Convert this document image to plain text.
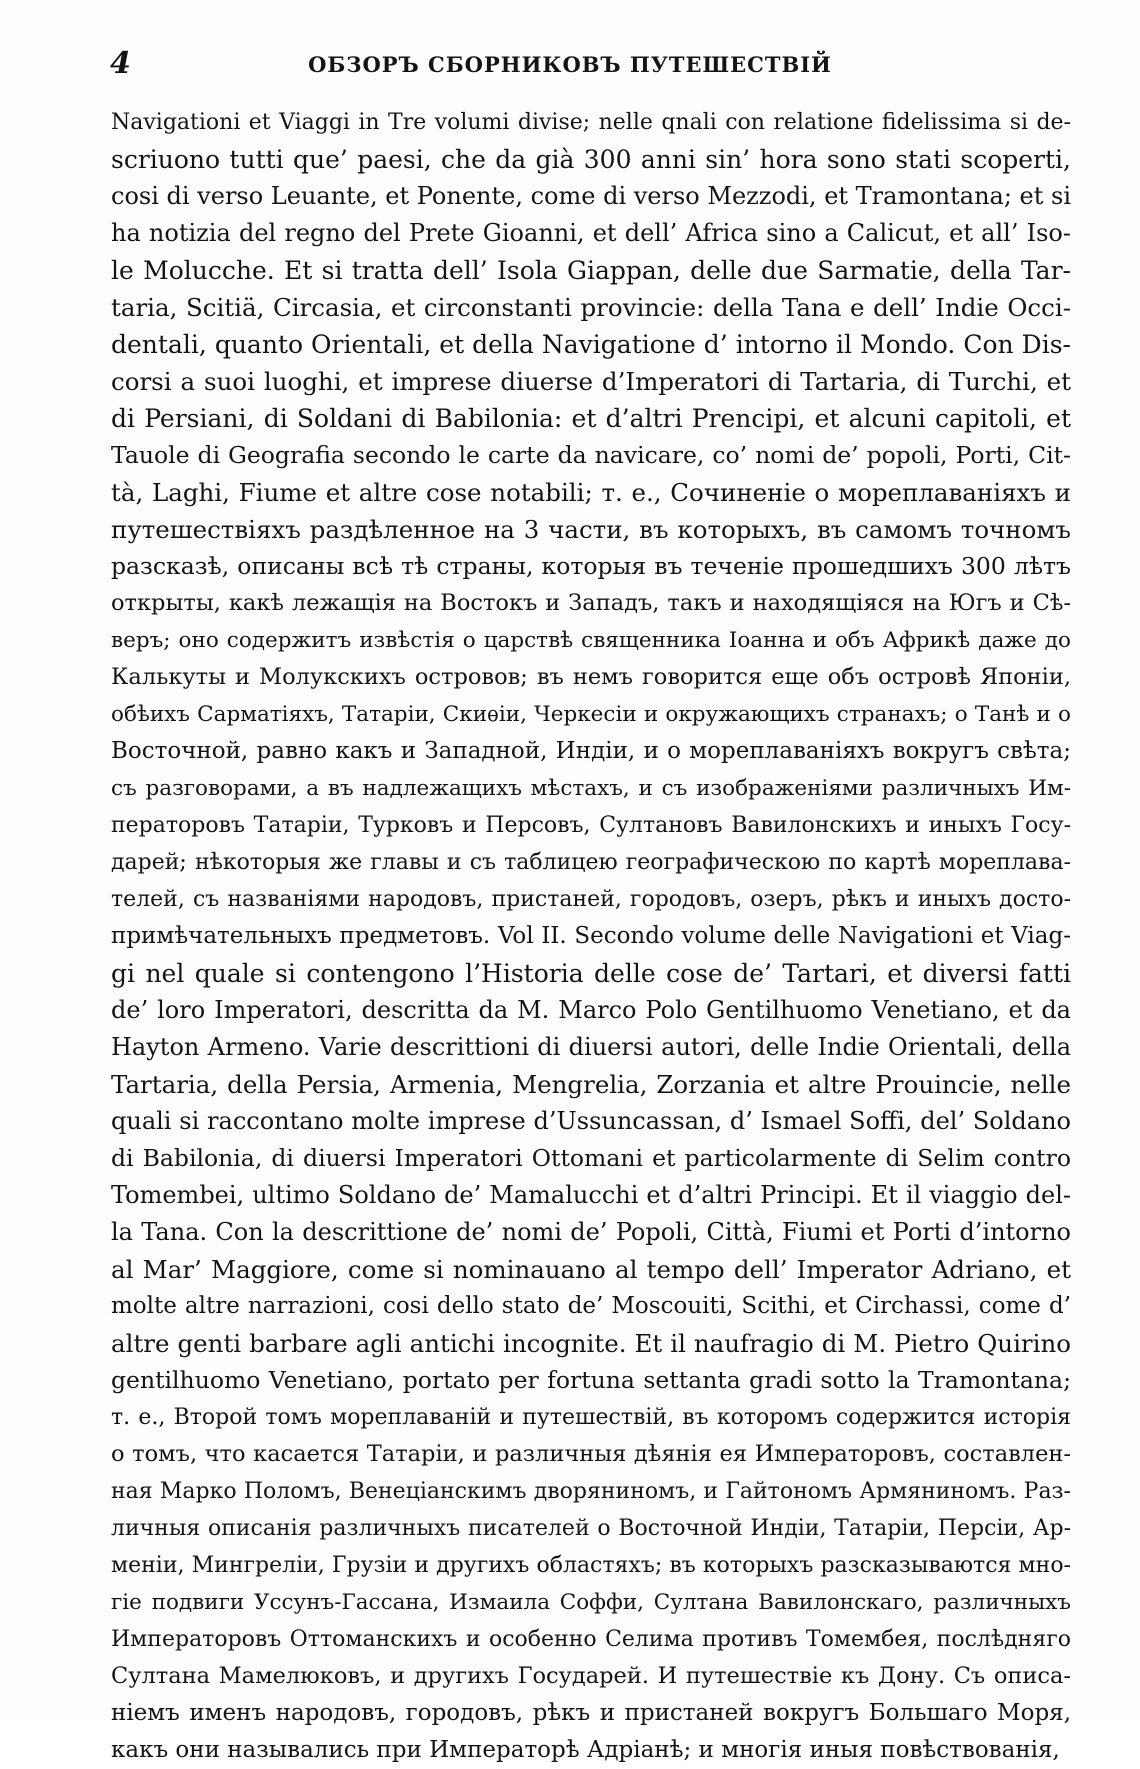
4	ОБЗОРЪ СБОРНИКОВЪ ПУТЕШЕСТВІЙ
Navigationi et Viaggi in Tre volumi divise; nelle qnali con relatione fidelissima si de-
scriuono tutti que’ paesi, che da già 300 anni sin’ hora sono stati scoperti,
cosi di verso Leuante, et Ponente, come di verso Mezzodi, et Tramontana; et si
ha notizia del regno del Prete Gioanni, et dell’ Africa sino a Calicut, et all’ Iso-
le Molucche. Et si tratta dell’ Isola Giappan, delle due Sarmatie, della Tar-
taria, Scitiä, Circasia, et circonstanti provincie: della Tana e dell’ Indie Occi-
dentali, quanto Orientali, et della Navigatione d’ intorno il Mondo. Con Dis-
corsi a suoi luoghi, et imprese diuerse d’Imperatori di Tartaria, di Turchi, et
di Persiani, di Soldani di Babilonia: et d’altri Prencipi, et alcuni capitoli, et
Tauole di Geografia secondo le carte da navicare, co’ nomi de’ popoli, Porti, Cit-
tà, Laghi, Fiume et altre cose notabili; т. е., Сочиненіе о мореплаваніяхъ и
путешествіяхъ раздѣленное на 3 части, въ которыхъ, въ самомъ точномъ
разсказѣ, описаны всѣ тѣ страны, которыя въ теченіе прошедшихъ 300 лѣтъ
открыты, какѣ лежащія на Востокъ и Западъ, такъ и находящіяся на Югъ и Сѣ-
веръ; оно содержитъ извѣстія о царствѣ священника Іоанна и объ Африкѣ даже до
Калькуты и Молукскихъ островов; въ немъ говорится еще объ островѣ Японіи,
обѣихъ Сарматіяхъ, Татаріи, Скиѳіи, Черкесіи и окружающихъ странахъ; о Танѣ и о
Восточной, равно какъ и Западной, Индіи, и о мореплаваніяхъ вокругъ свѣта;
съ разговорами, а въ надлежащихъ мѣстахъ, и съ изображеніями различныхъ Им-
ператоровъ Татаріи, Турковъ и Персовъ, Султановъ Вавилонскихъ и иныхъ Госу-
дарей; нѣкоторыя же главы и съ таблицею географическою по картѣ мореплава-
телей, съ названіями народовъ, пристаней, городовъ, озеръ, рѣкъ и иныхъ достo-
примѣчательныхъ предметовъ. Vol II. Secondo volume delle Navigationi et Viag-
gi nel quale si contengono l’Historia delle cose de’ Tartari, et diversi fatti
de’ loro Imperatori, descritta da M. Marco Polo Gentilhuomo Venetiano, et da
Hayton Armeno. Varie descrittioni di diuersi autori, delle Indie Orientali, della
Tartaria, della Persia, Armenia, Mengrelia, Zorzania et altre Prouincie, nelle
quali si raccontano molte imprese d’Ussuncassan, d’ Ismael Soffi, del’ Soldano
di Babilonia, di diuersi Imperatori Ottomani et particolarmente di Selim contro
Tomembei, ultimo Soldano de’ Mamalucchi et d’altri Principi. Et il viaggio del-
la Tana. Con la descrittione de’ nomi de’ Popoli, Città, Fiumi et Porti d’intorno
al Mar’ Maggiore, come si nominauano al tempo dell’ Imperator Adriano, et
molte altre narrazioni, cosi dello stato de’ Moscouiti, Scithi, et Circhassi, come d’
altre genti barbare agli antichi incognite. Et il naufragio di M. Pietro Quirino
gentilhuomo Venetiano, portato per fortuna settanta gradi sotto la Tramontana;
т. е., Второй томъ мореплаваній и путешествій, въ которомъ содержится исторія
о томъ, что касается Татаріи, и различныя дѣянія ея Императоровъ, составлен-
ная Марко Поломъ, Венеціанскимъ дворяниномъ, и Гайтономъ Армяниномъ. Раз-
личныя описанія различныхъ писателей о Восточной Индіи, Татаріи, Персіи, Ар-
меніи, Мингреліи, Грузіи и другихъ областяхъ; въ которыхъ разсказываются мно-
гіе подвиги Уссунъ-Гассана, Измаила Соффи, Султана Вавилонскаго, различныхъ
Императоровъ Оттоманскихъ и особенно Селима противъ Томембея, послѣдняго
Султана Мамелюковъ, и другихъ Государей. И путешествіе къ Дону. Съ описа-
ніемъ именъ народовъ, городовъ, рѣкъ и пристаней вокругъ Большаго Моря,
какъ они назывались при Императорѣ Адріанѣ; и многія иныя повѣствованія,
